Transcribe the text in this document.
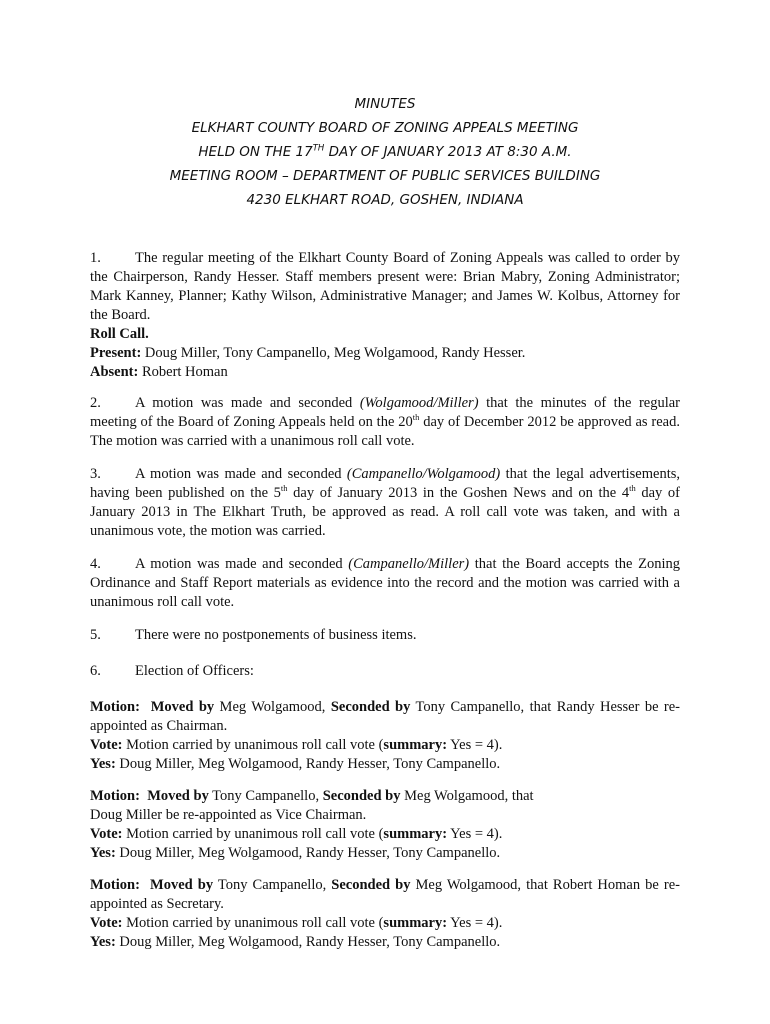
MINUTES
ELKHART COUNTY BOARD OF ZONING APPEALS MEETING
HELD ON THE 17TH DAY OF JANUARY 2013 AT 8:30 A.M.
MEETING ROOM – DEPARTMENT OF PUBLIC SERVICES BUILDING
4230 ELKHART ROAD, GOSHEN, INDIANA
1. The regular meeting of the Elkhart County Board of Zoning Appeals was called to order by the Chairperson, Randy Hesser. Staff members present were: Brian Mabry, Zoning Administrator; Mark Kanney, Planner; Kathy Wilson, Administrative Manager; and James W. Kolbus, Attorney for the Board.
Roll Call.
Present: Doug Miller, Tony Campanello, Meg Wolgamood, Randy Hesser.
Absent: Robert Homan
2. A motion was made and seconded (Wolgamood/Miller) that the minutes of the regular meeting of the Board of Zoning Appeals held on the 20th day of December 2012 be approved as read. The motion was carried with a unanimous roll call vote.
3. A motion was made and seconded (Campanello/Wolgamood) that the legal advertisements, having been published on the 5th day of January 2013 in the Goshen News and on the 4th day of January 2013 in The Elkhart Truth, be approved as read. A roll call vote was taken, and with a unanimous vote, the motion was carried.
4. A motion was made and seconded (Campanello/Miller) that the Board accepts the Zoning Ordinance and Staff Report materials as evidence into the record and the motion was carried with a unanimous roll call vote.
5. There were no postponements of business items.
6. Election of Officers:
Motion: Moved by Meg Wolgamood, Seconded by Tony Campanello, that Randy Hesser be re-appointed as Chairman.
Vote: Motion carried by unanimous roll call vote (summary: Yes = 4).
Yes: Doug Miller, Meg Wolgamood, Randy Hesser, Tony Campanello.
Motion: Moved by Tony Campanello, Seconded by Meg Wolgamood, that
Doug Miller be re-appointed as Vice Chairman.
Vote: Motion carried by unanimous roll call vote (summary: Yes = 4).
Yes: Doug Miller, Meg Wolgamood, Randy Hesser, Tony Campanello.
Motion: Moved by Tony Campanello, Seconded by Meg Wolgamood, that Robert Homan be re-appointed as Secretary.
Vote: Motion carried by unanimous roll call vote (summary: Yes = 4).
Yes: Doug Miller, Meg Wolgamood, Randy Hesser, Tony Campanello.
